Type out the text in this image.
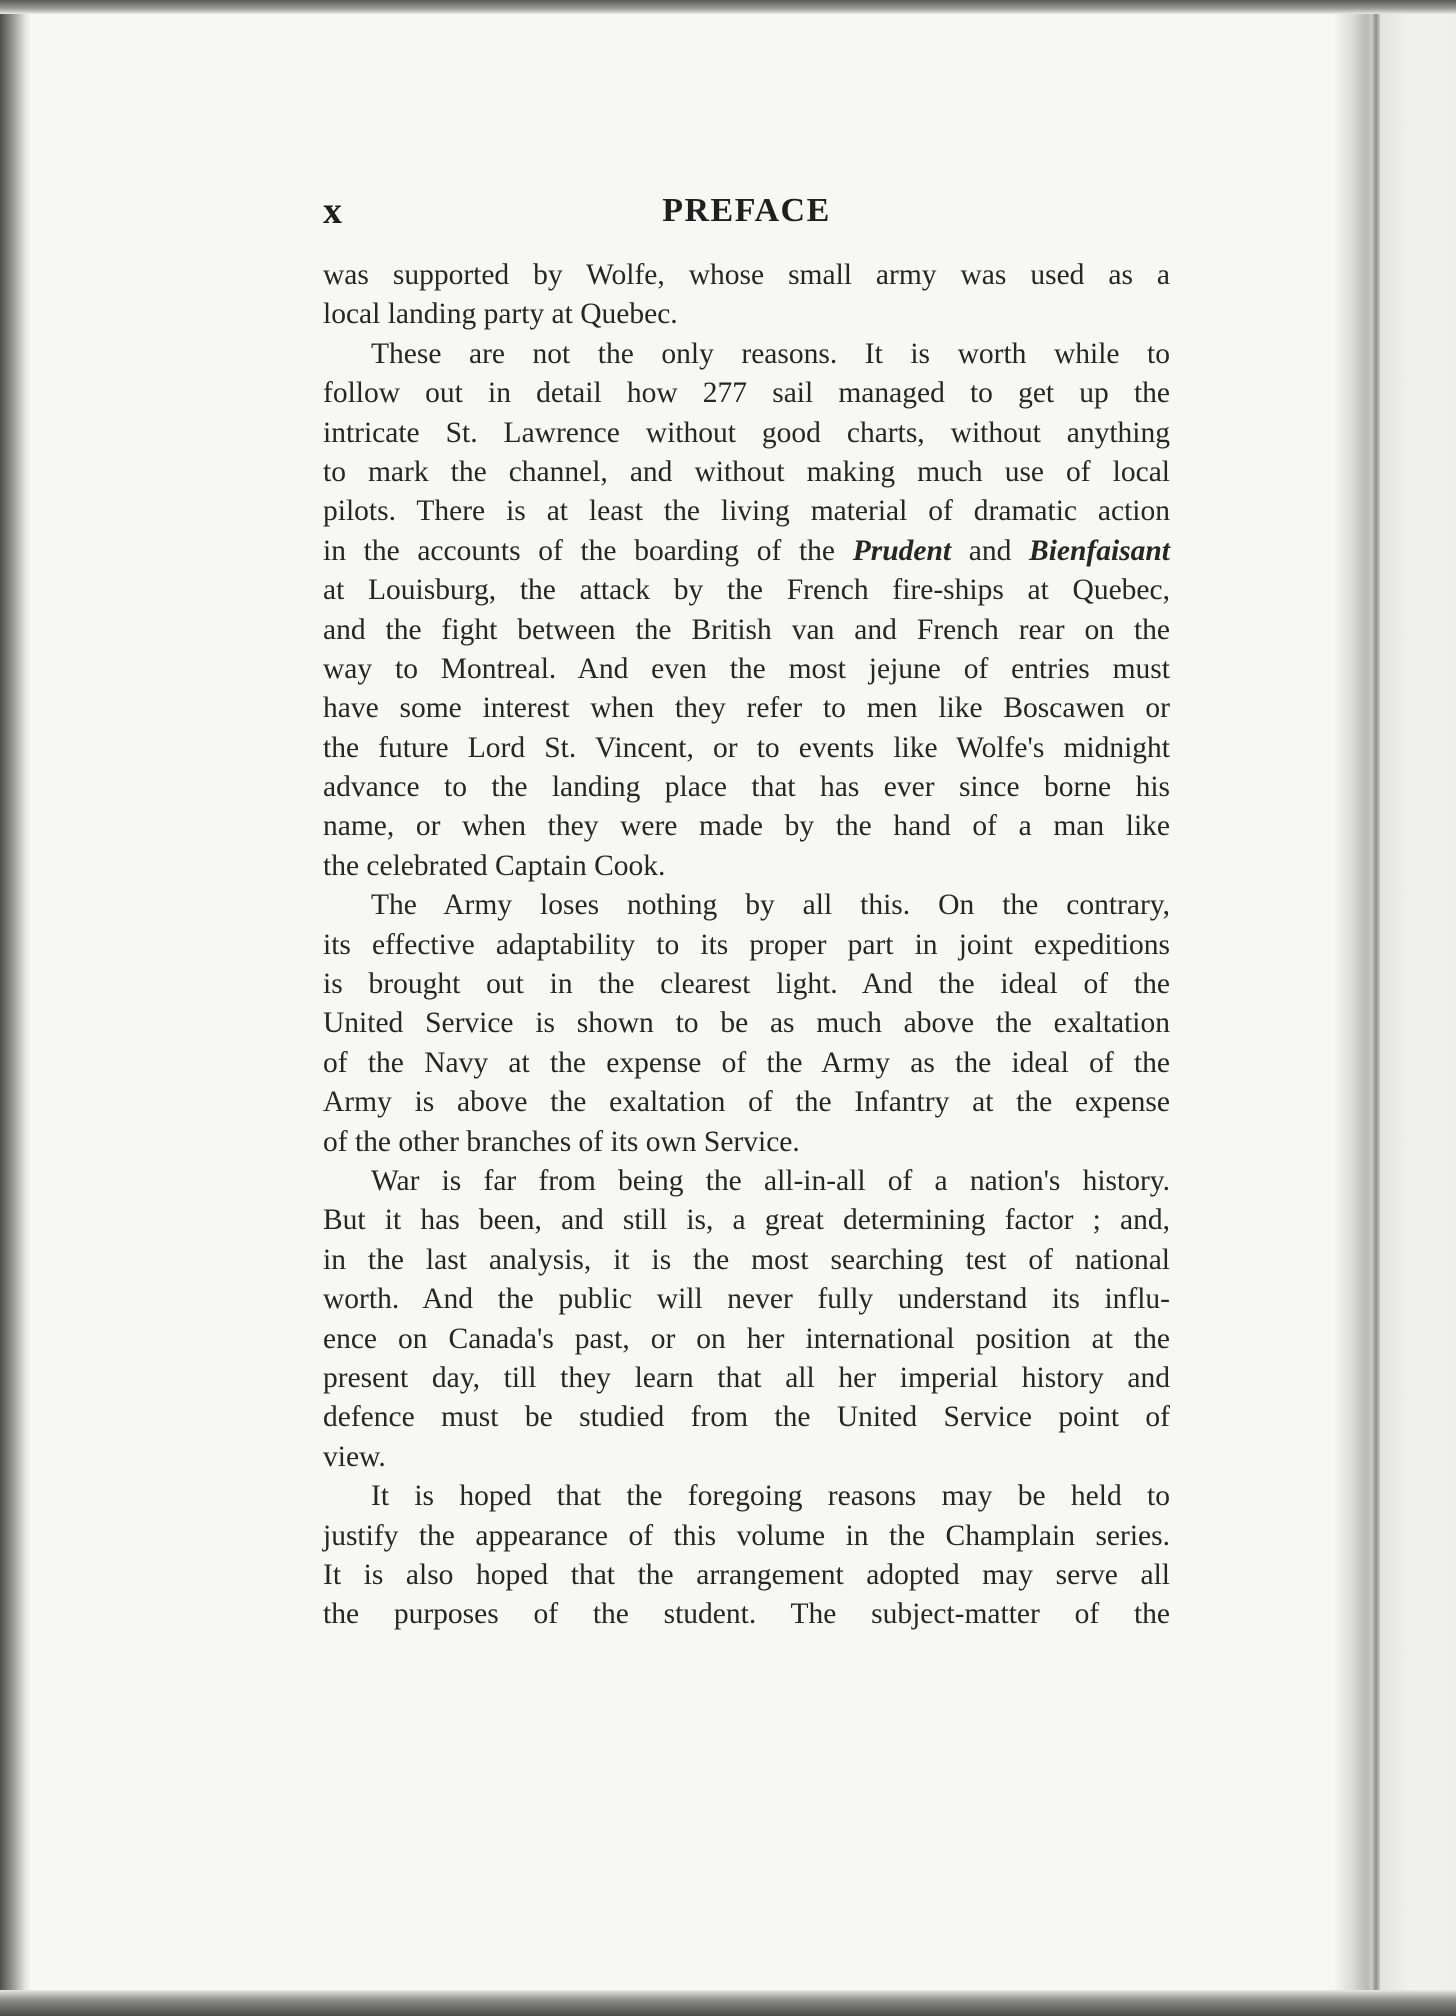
x	PREFACE
was supported by Wolfe, whose small army was used as a
local landing party at Quebec.
These are not the only reasons. It is worth while to
follow out in detail how 277 sail managed to get up the
intricate St. Lawrence without good charts, without anything
to mark the channel, and without making much use of local
pilots. There is at least the living material of dramatic action
in the accounts of the boarding of the Prudent and Bienfaisant
at Louisburg, the attack by the French fire-ships at Quebec,
and the fight between the British van and French rear on the
way to Montreal. And even the most jejune of entries must
have some interest when they refer to men like Boscawen or
the future Lord St. Vincent, or to events like Wolfe's midnight
advance to the landing place that has ever since borne his
name, or when they were made by the hand of a man like
the celebrated Captain Cook.
The Army loses nothing by all this. On the contrary,
its effective adaptability to its proper part in joint expeditions
is brought out in the clearest light. And the ideal of the
United Service is shown to be as much above the exaltation
of the Navy at the expense of the Army as the ideal of the
Army is above the exaltation of the Infantry at the expense
of the other branches of its own Service.
War is far from being the all-in-all of a nation's history.
But it has been, and still is, a great determining factor ; and,
in the last analysis, it is the most searching test of national
worth. And the public will never fully understand its influ-
ence on Canada's past, or on her international position at the
present day, till they learn that all her imperial history and
defence must be studied from the United Service point of
view.
It is hoped that the foregoing reasons may be held to
justify the appearance of this volume in the Champlain series.
It is also hoped that the arrangement adopted may serve all
the purposes of the student. The subject-matter of the
